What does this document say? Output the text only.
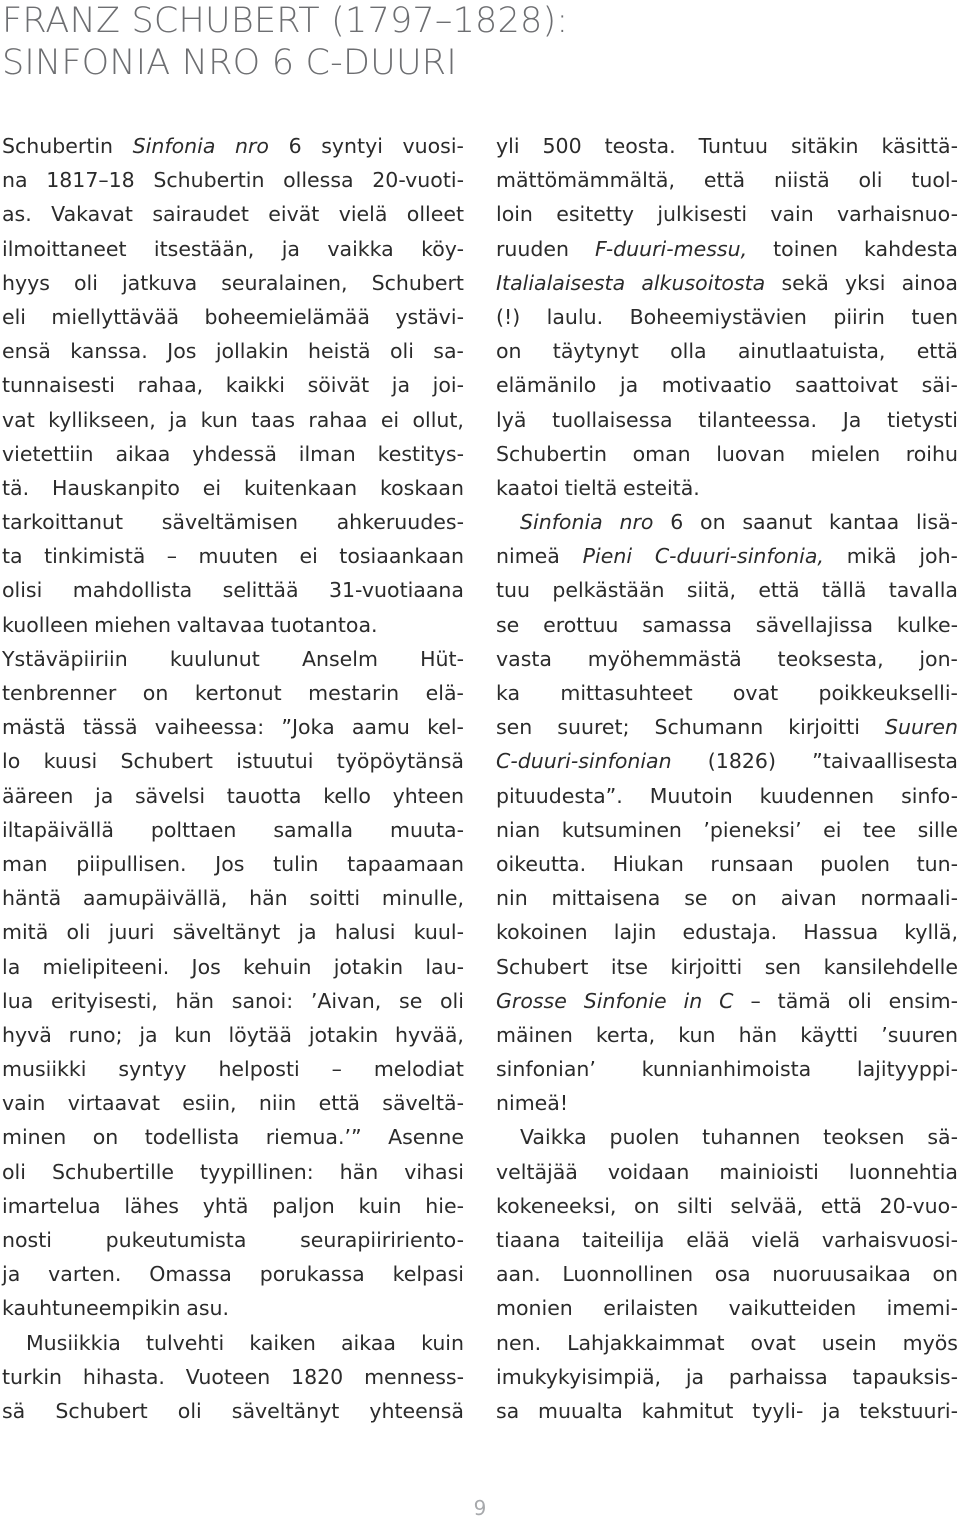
FRANZ SCHUBERT (1797–1828):
SINFONIA NRO 6 C-DUURI
Schubertin Sinfonia nro 6 syntyi vuosi-
na 1817–18 Schubertin ollessa 20-vuoti-
as. Vakavat sairaudet eivät vielä olleet
ilmoittaneet itsestään, ja vaikka köy-
hyys oli jatkuva seuralainen, Schubert
eli miellyttävää boheemielämää ystävi-
ensä kanssa. Jos jollakin heistä oli sa-
tunnaisesti rahaa, kaikki söivät ja joi-
vat kyllikseen, ja kun taas rahaa ei ollut,
vietettiin aikaa yhdessä ilman kestitys-
tä. Hauskanpito ei kuitenkaan koskaan
tarkoittanut säveltämisen ahkeruudes-
ta tinkimistä – muuten ei tosiaankaan
olisi mahdollista selittää 31-vuotiaana
kuolleen miehen valtavaa tuotantoa.
Ystäväpiiriin kuulunut Anselm Hüt-
tenbrenner on kertonut mestarin elä-
mästä tässä vaiheessa: ”Joka aamu kel-
lo kuusi Schubert istuutui työpöytänsä
ääreen ja sävelsi tauotta kello yhteen
iltapäivällä polttaen samalla muuta-
man piipullisen. Jos tulin tapaamaan
häntä aamupäivällä, hän soitti minulle,
mitä oli juuri säveltänyt ja halusi kuul-
la mielipiteeni. Jos kehuin jotakin lau-
lua erityisesti, hän sanoi: ’Aivan, se oli
hyvä runo; ja kun löytää jotakin hyvää,
musiikki syntyy helposti – melodiat
vain virtaavat esiin, niin että säveltä-
minen on todellista riemua.’” Asenne
oli Schubertille tyypillinen: hän vihasi
imartelua lähes yhtä paljon kuin hie-
nosti	pukeutumista	seurapiiririento-
ja varten. Omassa porukassa kelpasi
kauhtuneempikin asu.
Musiikkia tulvehti kaiken aikaa kuin
turkin hihasta. Vuoteen 1820 menness-
sä Schubert oli säveltänyt yhteensä
yli 500 teosta. Tuntuu sitäkin käsittä-
mättömämmältä, että niistä oli tuol-
loin esitetty julkisesti vain varhaisnuo-
ruuden F-duuri-messu, toinen kahdesta
Italialaisesta alkusoitosta sekä yksi ainoa
(!) laulu. Boheemiystävien piirin tuen
on täytynyt olla ainutlaatuista, että
elämänilo ja motivaatio saattoivat säi-
lyä tuollaisessa tilanteessa. Ja tietysti
Schubertin oman luovan mielen roihu
kaatoi tieltä esteitä.
Sinfonia nro 6 on saanut kantaa lisä-
nimeä Pieni C-duuri-sinfonia, mikä joh-
tuu pelkästään siitä, että tällä tavalla
se erottuu samassa sävellajissa kulke-
vasta myöhemmästä teoksesta, jon-
ka mittasuhteet ovat poikkeukselli-
sen suuret; Schumann kirjoitti Suuren
C-duuri-sinfonian (1826) ”taivaallisesta
pituudesta”. Muutoin kuudennen sinfo-
nian kutsuminen ’pieneksi’ ei tee sille
oikeutta. Hiukan runsaan puolen tun-
nin mittaisena se on aivan normaali-
kokoinen lajin edustaja. Hassua kyllä,
Schubert itse kirjoitti sen kansilehdelle
Grosse Sinfonie in C – tämä oli ensim-
mäinen kerta, kun hän käytti ’suuren
sinfonian’ kunnianhimoista lajityyppi-
nimeä!
Vaikka puolen tuhannen teoksen sä-
veltäjää voidaan mainioisti luonnehtia
kokeneeksi, on silti selvää, että 20-vuo-
tiaana taiteilija elää vielä varhaisvuosi-
aan. Luonnollinen osa nuoruusaikaa on
monien erilaisten vaikutteiden imemi-
nen. Lahjakkaimmat ovat usein myös
imukykyisimpiä, ja parhaissa tapauksis-
sa muualta kahmitut tyyli- ja tekstuuri-
9
